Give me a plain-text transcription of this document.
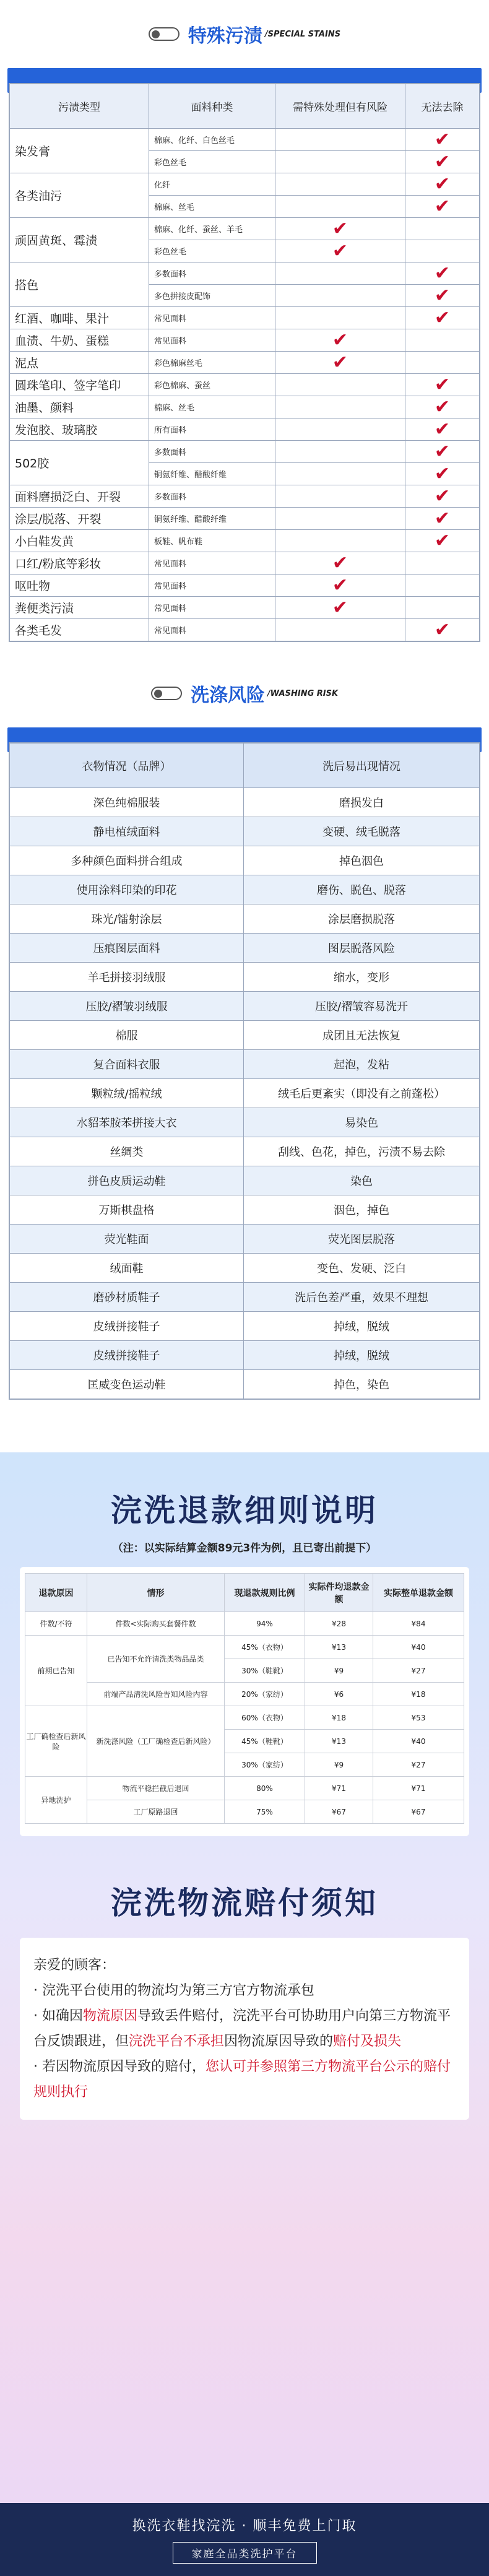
特殊污渍 /SPECIAL STAINS
污渍类型	面料种类	需特殊处理但有风险	无法去除
染发膏	棉麻、化纤、白色丝毛		✔
	彩色丝毛		✔
各类油污	化纤		✔
	棉麻、丝毛		✔
顽固黄斑、霉渍	棉麻、化纤、蚕丝、羊毛	✔	
	彩色丝毛	✔	
搭色	多数面料		✔
	多色拼接皮配饰		✔
红酒、咖啡、果汁	常见面料		✔
血渍、牛奶、蛋糕	常见面料	✔	
泥点	彩色棉麻丝毛	✔	
圆珠笔印、签字笔印	彩色棉麻、蚕丝		✔
油墨、颜料	棉麻、丝毛		✔
发泡胶、玻璃胶	所有面料		✔
502胶	多数面料		✔
	铜氨纤维、醋酸纤维		✔
面料磨损泛白、开裂	多数面料		✔
涂层/脱落、开裂	铜氨纤维、醋酸纤维		✔
小白鞋发黄	板鞋、帆布鞋		✔
口红/粉底等彩妆	常见面料	✔	
呕吐物	常见面料	✔	
粪便类污渍	常见面料	✔	
各类毛发	常见面料		✔
洗涤风险 /WASHING RISK
衣物情况（品牌）	洗后易出现情况
深色纯棉服装	磨损发白
静电植绒面料	变硬、绒毛脱落
多种颜色面料拼合组成	掉色洇色
使用涂料印染的印花	磨伤、脱色、脱落
珠光/镭射涂层	涂层磨损脱落
压痕图层面料	图层脱落风险
羊毛拼接羽绒服	缩水，变形
压胶/褶皱羽绒服	压胶/褶皱容易洗开
棉服	成团且无法恢复
复合面料衣服	起泡，发粘
颗粒绒/摇粒绒	绒毛后更紊实（即没有之前蓬松）
水貂苯胺苯拼接大衣	易染色
丝绸类	刮线、色花，掉色，污渍不易去除
拼色皮质运动鞋	染色
万斯棋盘格	洇色，掉色
荧光鞋面	荧光图层脱落
绒面鞋	变色、发硬、泛白
磨砂材质鞋子	洗后色差严重，效果不理想
皮绒拼接鞋子	掉绒，脱绒
皮绒拼接鞋子	掉绒，脱绒
匡威变色运动鞋	掉色，染色
浣洗退款细则说明
（注：以实际结算金额89元3件为例，且已寄出前提下）
退款原因	情形	现退款规则比例	实际件均退款金额	实际整单退款金额
件数/不符	件数<实际购买套餐件数	94%	¥28	¥84
前期已告知	已告知不允许清洗类物品品类	45%（衣物）	¥13	¥40
		30%（鞋靴）	¥9	¥27
	前端产品清洗风险告知风险内容	20%（家纺）	¥6	¥18
工厂确检查后新风险	新洗涤风险（工厂确检查后新风险）	60%（衣物）	¥18	¥53
		45%（鞋靴）	¥13	¥40
		30%（家纺）	¥9	¥27
异地洗护	物流平稳拦截后退回	80%	¥71	¥71
	工厂原路退回	75%	¥67	¥67
浣洗物流赔付须知
亲爱的顾客：
· 浣洗平台使用的物流均为第三方官方物流承包
· 如确因物流原因导致丢件赔付，浣洗平台可协助用户向第三方物流平台反馈跟进，但浣洗平台不承担因物流原因导致的赔付及损失
· 若因物流原因导致的赔付，您认可并参照第三方物流平台公示的赔付规则执行
换洗衣鞋找浣洗 · 顺丰免费上门取
家庭全品类洗护平台
